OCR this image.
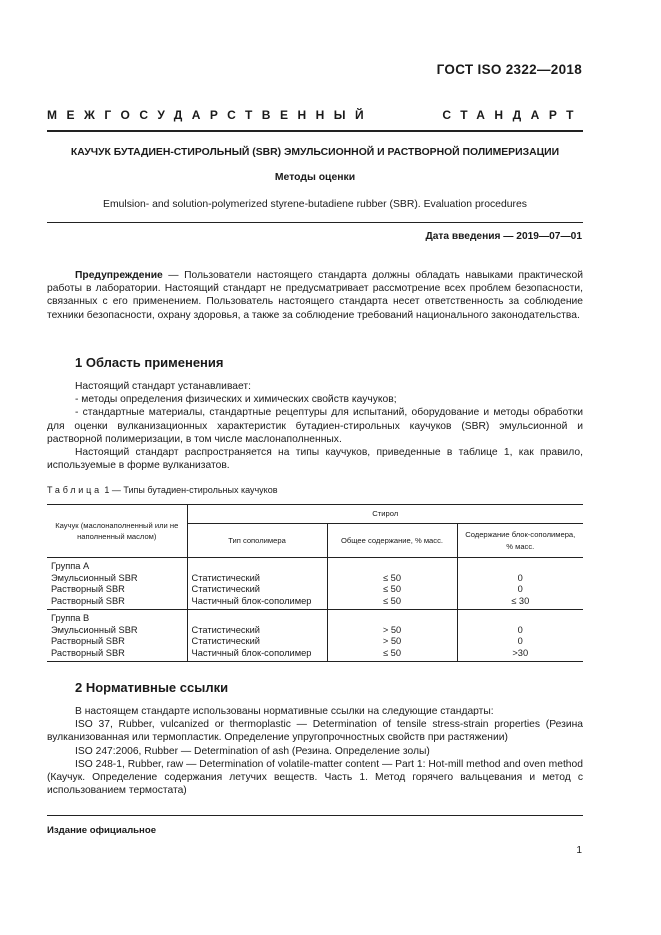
ГОСТ ISO 2322—2018
МЕЖГОСУДАРСТВЕННЫЙ	СТАНДАРТ
КАУЧУК БУТАДИЕН-СТИРОЛЬНЫЙ (SBR) ЭМУЛЬСИОННОЙ И РАСТВОРНОЙ ПОЛИМЕРИЗАЦИИ
Методы оценки
Emulsion- and solution-polymerized styrene-butadiene rubber (SBR). Evaluation procedures
Дата введения — 2019—07—01

Предупреждение — Пользователи настоящего стандарта должны обладать навыками практической работы в лаборатории. Настоящий стандарт не предусматривает рассмотрение всех проблем безопасности, связанных с его применением. Пользователь настоящего стандарта несет ответственность за соблюдение техники безопасности, охрану здоровья, а также за соблюдение требований национального законодательства.

1 Область применения

Настоящий стандарт устанавливает:

- методы определения физических и химических свойств каучуков;

- стандартные материалы, стандартные рецептуры для испытаний, оборудование и методы обработки для оценки вулканизационных характеристик бутадиен-стирольных каучуков (SBR) эмульсионной и растворной полимеризации, в том числе маслонаполненных.

Настоящий стандарт распространяется на типы каучуков, приведенные в таблице 1, как правило, используемые в форме вулканизатов.

Таблица 1 — Типы бутадиен-стирольных каучуков
Каучук (маслонаполненный или не наполненный маслом)	Стирол		
	Тип сополимера	Общее содержание, % масс.	Содержание блок-сополимера, % масс.
Группа А			
Эмульсионный SBR	Статистический	≤ 50	0
Растворный SBR	Статистический	≤ 50	0
Растворный SBR	Частичный блок-сополимер	≤ 50	≤ 30
Группа В			
Эмульсионный SBR	Статистический	> 50	0
Растворный SBR	Статистический	> 50	0
Растворный SBR	Частичный блок-сополимер	≤ 50	>30
2 Нормативные ссылки

В настоящем стандарте использованы нормативные ссылки на следующие стандарты:

ISO 37, Rubber, vulcanized or thermoplastic — Determination of tensile stress-strain properties (Резина вулканизованная или термопластик. Определение упругопрочностных свойств при растяжении)

ISO 247:2006, Rubber — Determination of ash (Резина. Определение золы)

ISO 248-1, Rubber, raw — Determination of volatile-matter content — Part 1: Hot-mill method and oven method (Каучук. Определение содержания летучих веществ. Часть 1. Метод горячего вальцевания и метод с использованием термостата)

Издание официальное
1
